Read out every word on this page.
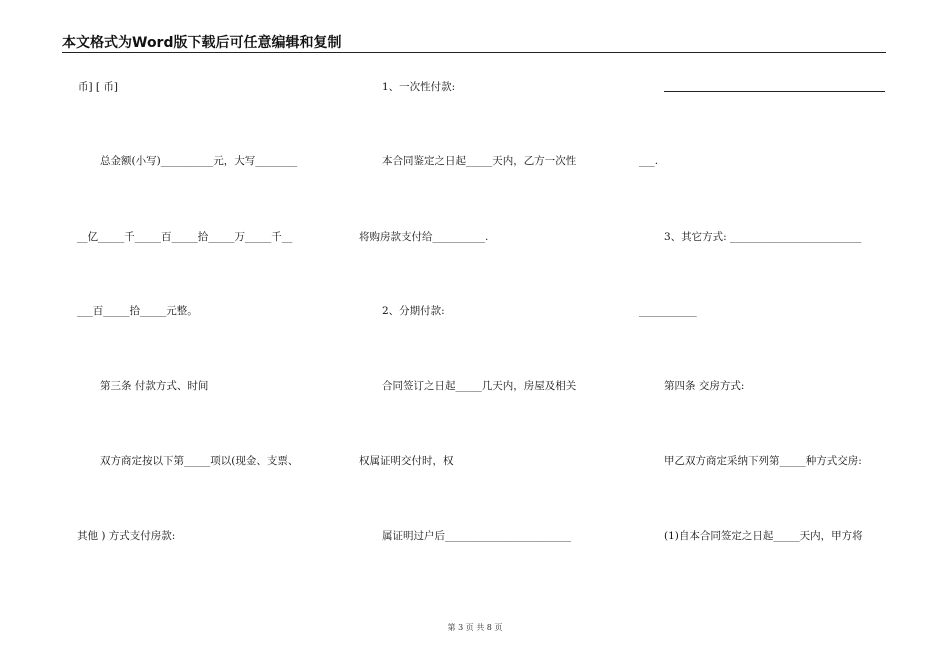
本文格式为Word版下载后可任意编辑和复制
币] [ 币]
总金额(小写)__________元，大写________
__亿_____千_____百_____拾_____万_____千__
___百_____拾_____元整。
第三条 付款方式、时间
双方商定按以下第_____项以(现金、支票、
其他 ) 方式支付房款:
1、一次性付款:
本合同鉴定之日起_____天内，乙方一次性
将购房款支付给__________.
2、分期付款:
合同签订之日起_____几天内，房屋及相关
权属证明交付时，权
属证明过户后________________________
___.
3、其它方式: _________________________
___________
第四条 交房方式:
甲乙双方商定采纳下列第_____种方式交房:
(1)自本合同签定之日起_____天内，甲方将
第 3 页 共 8 页
